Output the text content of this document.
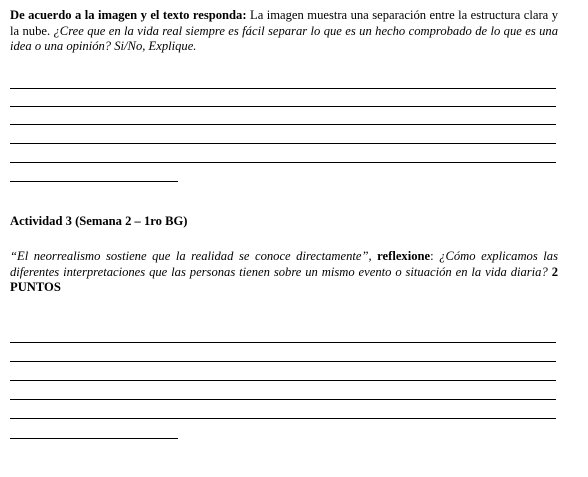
De acuerdo a la imagen y el texto responda: La imagen muestra una separación entre la estructura clara y la nube. ¿Cree que en la vida real siempre es fácil separar lo que es un hecho comprobado de lo que es una idea o una opinión? Si/No, Explique.
Actividad 3 (Semana 2 – 1ro BG)
“El neorrealismo sostiene que la realidad se conoce directamente”, reflexione: ¿Cómo explicamos las diferentes interpretaciones que las personas tienen sobre un mismo evento o situación en la vida diaria? 2 PUNTOS
